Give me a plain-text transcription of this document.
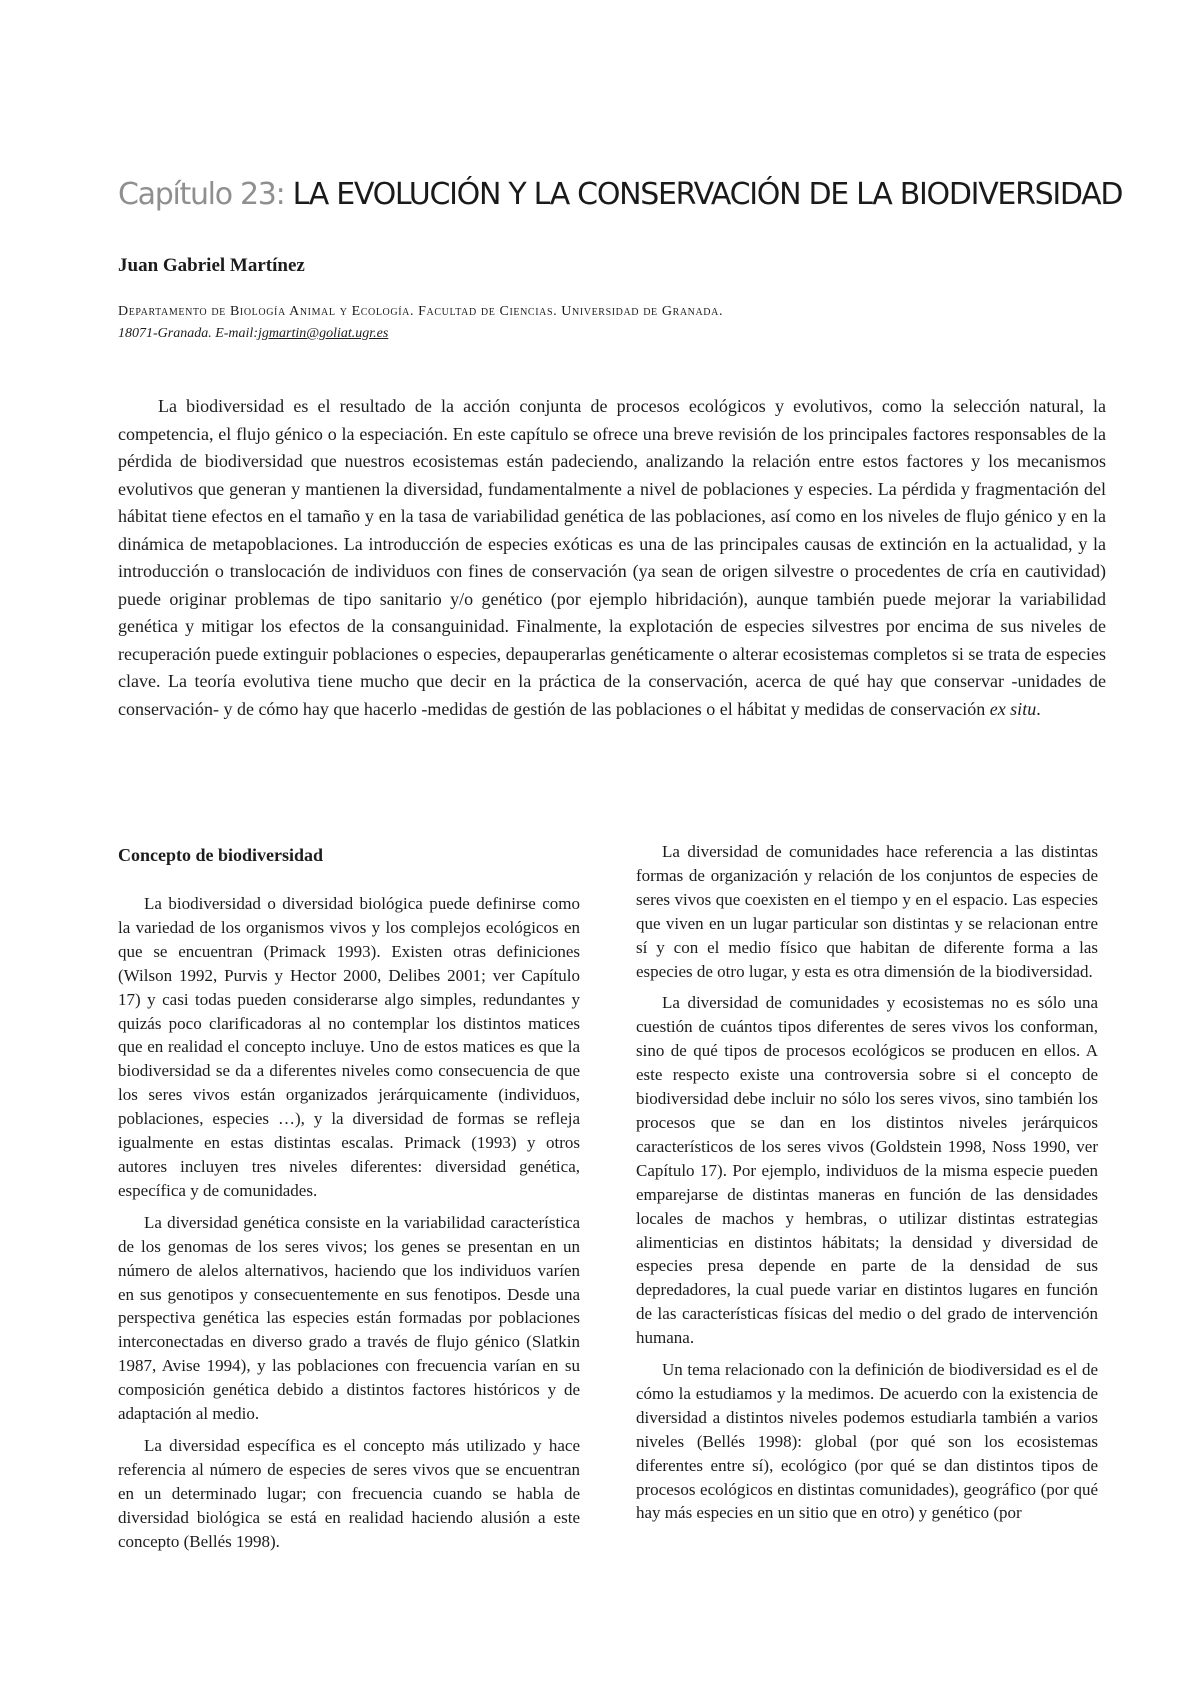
Capítulo 23: LA EVOLUCIÓN Y LA CONSERVACIÓN DE LA BIODIVERSIDAD

Juan Gabriel Martínez

Departamento de Biología Animal y Ecología. Facultad de Ciencias. Universidad de Granada.

18071-Granada. E-mail:jgmartin@goliat.ugr.es

La biodiversidad es el resultado de la acción conjunta de procesos ecológicos y evolutivos, como la selección natural, la competencia, el flujo génico o la especiación. En este capítulo se ofrece una breve revisión de los principales factores responsables de la pérdida de biodiversidad que nuestros ecosistemas están padeciendo, analizando la relación entre estos factores y los mecanismos evolutivos que generan y mantienen la diversidad, fundamentalmente a nivel de poblaciones y especies. La pérdida y fragmentación del hábitat tiene efectos en el tamaño y en la tasa de variabilidad genética de las poblaciones, así como en los niveles de flujo génico y en la dinámica de metapoblaciones. La introducción de especies exóticas es una de las principales causas de extinción en la actualidad, y la introducción o translocación de individuos con fines de conservación (ya sean de origen silvestre o procedentes de cría en cautividad) puede originar problemas de tipo sanitario y/o genético (por ejemplo hibridación), aunque también puede mejorar la variabilidad genética y mitigar los efectos de la consanguinidad. Finalmente, la explotación de especies silvestres por encima de sus niveles de recuperación puede extinguir poblaciones o especies, depauperarlas genéticamente o alterar ecosistemas completos si se trata de especies clave. La teoría evolutiva tiene mucho que decir en la práctica de la conservación, acerca de qué hay que conservar -unidades de conservación- y de cómo hay que hacerlo -medidas de gestión de las poblaciones o el hábitat y medidas de conservación ex situ.

Concepto de biodiversidad

La biodiversidad o diversidad biológica puede definirse como la variedad de los organismos vivos y los complejos ecológicos en que se encuentran (Primack 1993). Existen otras definiciones (Wilson 1992, Purvis y Hector 2000, Delibes 2001; ver Capítulo 17) y casi todas pueden considerarse algo simples, redundantes y quizás poco clarificadoras al no contemplar los distintos matices que en realidad el concepto incluye. Uno de estos matices es que la biodiversidad se da a diferentes niveles como consecuencia de que los seres vivos están organizados jerárquicamente (individuos, poblaciones, especies …), y la diversidad de formas se refleja igualmente en estas distintas escalas. Primack (1993) y otros autores incluyen tres niveles diferentes: diversidad genética, específica y de comunidades.

La diversidad genética consiste en la variabilidad característica de los genomas de los seres vivos; los genes se presentan en un número de alelos alternativos, haciendo que los individuos varíen en sus genotipos y consecuentemente en sus fenotipos. Desde una perspectiva genética las especies están formadas por poblaciones interconectadas en diverso grado a través de flujo génico (Slatkin 1987, Avise 1994), y las poblaciones con frecuencia varían en su composición genética debido a distintos factores históricos y de adaptación al medio.

La diversidad específica es el concepto más utilizado y hace referencia al número de especies de seres vivos que se encuentran en un determinado lugar; con frecuencia cuando se habla de diversidad biológica se está en realidad haciendo alusión a este concepto (Bellés 1998).

La diversidad de comunidades hace referencia a las distintas formas de organización y relación de los conjuntos de especies de seres vivos que coexisten en el tiempo y en el espacio. Las especies que viven en un lugar particular son distintas y se relacionan entre sí y con el medio físico que habitan de diferente forma a las especies de otro lugar, y esta es otra dimensión de la biodiversidad.

La diversidad de comunidades y ecosistemas no es sólo una cuestión de cuántos tipos diferentes de seres vivos los conforman, sino de qué tipos de procesos ecológicos se producen en ellos. A este respecto existe una controversia sobre si el concepto de biodiversidad debe incluir no sólo los seres vivos, sino también los procesos que se dan en los distintos niveles jerárquicos característicos de los seres vivos (Goldstein 1998, Noss 1990, ver Capítulo 17). Por ejemplo, individuos de la misma especie pueden emparejarse de distintas maneras en función de las densidades locales de machos y hembras, o utilizar distintas estrategias alimenticias en distintos hábitats; la densidad y diversidad de especies presa depende en parte de la densidad de sus depredadores, la cual puede variar en distintos lugares en función de las características físicas del medio o del grado de intervención humana.

Un tema relacionado con la definición de biodiversidad es el de cómo la estudiamos y la medimos. De acuerdo con la existencia de diversidad a distintos niveles podemos estudiarla también a varios niveles (Bellés 1998): global (por qué son los ecosistemas diferentes entre sí), ecológico (por qué se dan distintos tipos de procesos ecológicos en distintas comunidades), geográfico (por qué hay más especies en un sitio que en otro) y genético (por
